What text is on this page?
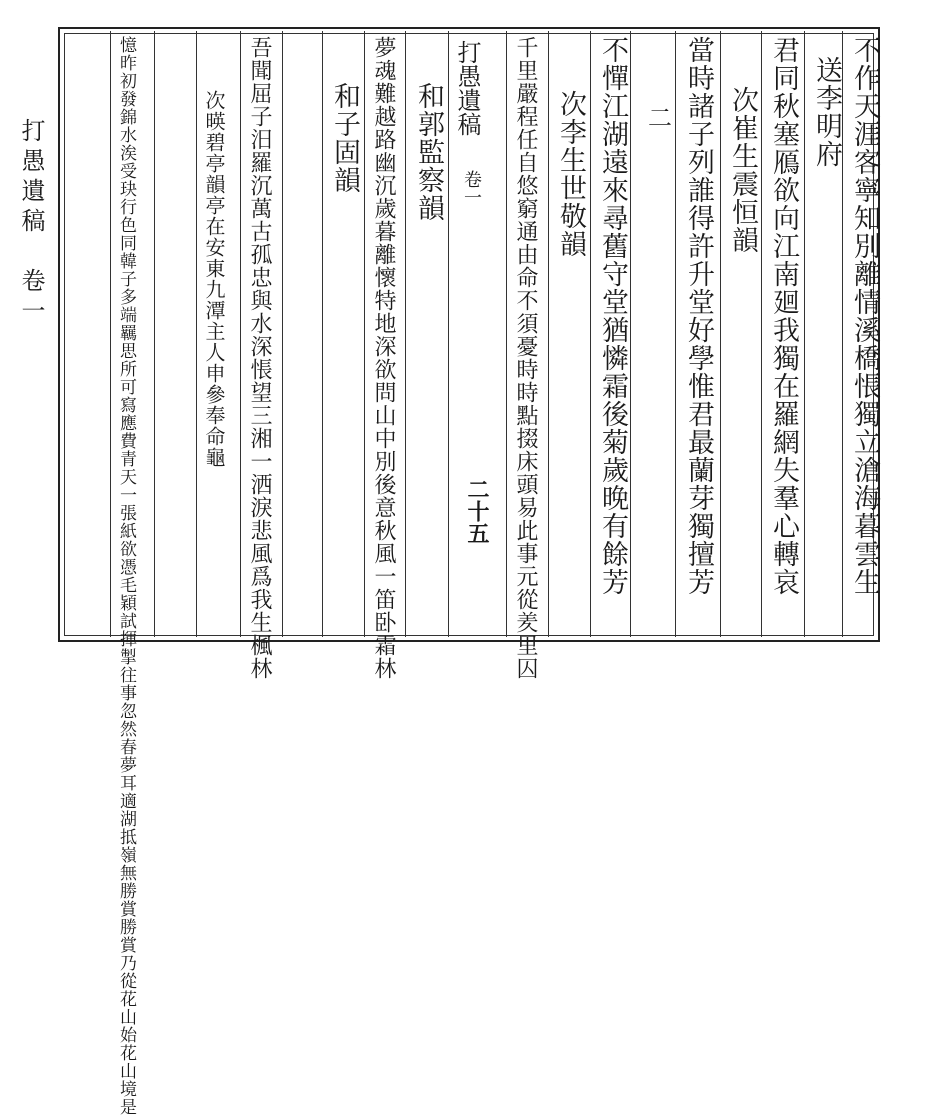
打愚遺稿　卷一
打愚遺稿
卷一
二十五
二	不作天涯客寧知別離情溪橋悵獨立滄海暮雲生
送李明府
君同秋塞鴈欲向江南廻我獨在羅網失羣心轉哀
次崔生震恒韻
當時諸子列誰得許升堂好學惟君最蘭芽獨擅芳
不憚江湖遠來尋舊守堂猶憐霜後菊歲晚有餘芳
次李生世敬韻
千里嚴程任自悠窮通由命不須憂時時點掇床頭易此事元從羑里囚
和郭監察韻
夢魂難越路幽沉歲暮離懷特地深欲問山中別後意秋風一笛卧霜林
和子固韻
吾聞屈子汨羅沉萬古孤忠與水深悵望三湘一洒淚悲風爲我生楓林
次暎碧亭韻亭在安東九潭主人申參奉命龜
憶昨初發錦水涘受玦行色同韓子多端羈思所可寫應費青天一張紙欲憑毛穎試揮掣往事忽然春夢耳適湖抵嶺無勝賞勝賞乃從花山始花山境是
